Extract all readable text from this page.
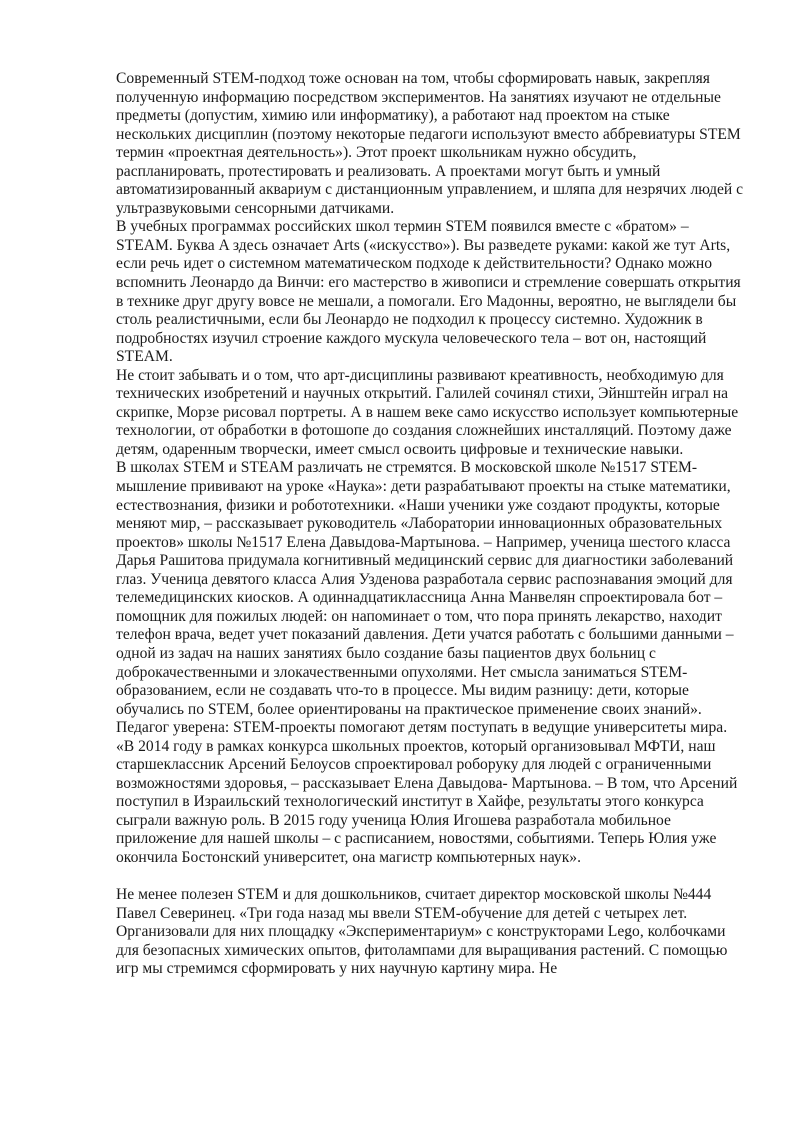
Современный STEM-подход тоже основан на том, чтобы сформировать навык, закрепляя полученную информацию посредством экспериментов. На занятиях изучают не отдельные предметы (допустим, химию или информатику), а работают над проектом на стыке нескольких дисциплин (поэтому некоторые педагоги используют вместо аббревиатуры STEM термин «проектная деятельность»). Этот проект школьникам нужно обсудить, распланировать, протестировать и реализовать. А проектами могут быть и умный автоматизированный аквариум с дистанционным управлением, и шляпа для незрячих людей с ультразвуковыми сенсорными датчиками.

В учебных программах российских школ термин STEM появился вместе с «братом» – STEAM. Буква A здесь означает Arts («искусство»). Вы разведете руками: какой же тут Arts, если речь идет о системном математическом подходе к действительности? Однако можно вспомнить Леонардо да Винчи: его мастерство в живописи и стремление совершать открытия в технике друг другу вовсе не мешали, а помогали. Его Мадонны, вероятно, не выглядели бы столь реалистичными, если бы Леонардо не подходил к процессу системно. Художник в подробностях изучил строение каждого мускула человеческого тела – вот он, настоящий STEAM.

Не стоит забывать и о том, что арт-дисциплины развивают креативность, необходимую для технических изобретений и научных открытий. Галилей сочинял стихи, Эйнштейн играл на скрипке, Морзе рисовал портреты. А в нашем веке само искусство использует компьютерные технологии, от обработки в фотошопе до создания сложнейших инсталляций. Поэтому даже детям, одаренным творчески, имеет смысл освоить цифровые и технические навыки.

В школах STEM и STEAM различать не стремятся. В московской школе №1517 STEM-мышление прививают на уроке «Наука»: дети разрабатывают проекты на стыке математики, естествознания, физики и робототехники. «Наши ученики уже создают продукты, которые меняют мир, – рассказывает руководитель «Лаборатории инновационных образовательных проектов» школы №1517 Елена Давыдова-Мартынова. – Например, ученица шестого класса Дарья Рашитова придумала когнитивный медицинский сервис для диагностики заболеваний глаз. Ученица девятого класса Алия Узденова разработала сервис распознавания эмоций для телемедицинских киосков. А одиннадцатиклассница Анна Манвелян спроектировала бот – помощник для пожилых людей: он напоминает о том, что пора принять лекарство, находит телефон врача, ведет учет показаний давления. Дети учатся работать с большими данными – одной из задач на наших занятиях было создание базы пациентов двух больниц с доброкачественными и злокачественными опухолями. Нет смысла заниматься STEM-образованием, если не создавать что-то в процессе. Мы видим разницу: дети, которые обучались по STEM, более ориентированы на практическое применение своих знаний».

Педагог уверена: STEM-проекты помогают детям поступать в ведущие университеты мира. «В 2014 году в рамках конкурса школьных проектов, который организовывал МФТИ, наш старшеклассник Арсений Белоусов спроектировал роборуку для людей с ограниченными возможностями здоровья, – рассказывает Елена Давыдова- Мартынова. – В том, что Арсений поступил в Израильский технологический институт в Хайфе, результаты этого конкурса сыграли важную роль. В 2015 году ученица Юлия Игошева разработала мобильное приложение для нашей школы – с расписанием, новостями, событиями. Теперь Юлия уже окончила Бостонский университет, она магистр компьютерных наук».

Не менее полезен STEM и для дошкольников, считает директор московской школы №444 Павел Северинец. «Три года назад мы ввели STEM-обучение для детей с четырех лет. Организовали для них площадку «Экспериментариум» с конструкторами Lego, колбочками для безопасных химических опытов, фитолампами для выращивания растений. С помощью игр мы стремимся сформировать у них научную картину мира. Не
